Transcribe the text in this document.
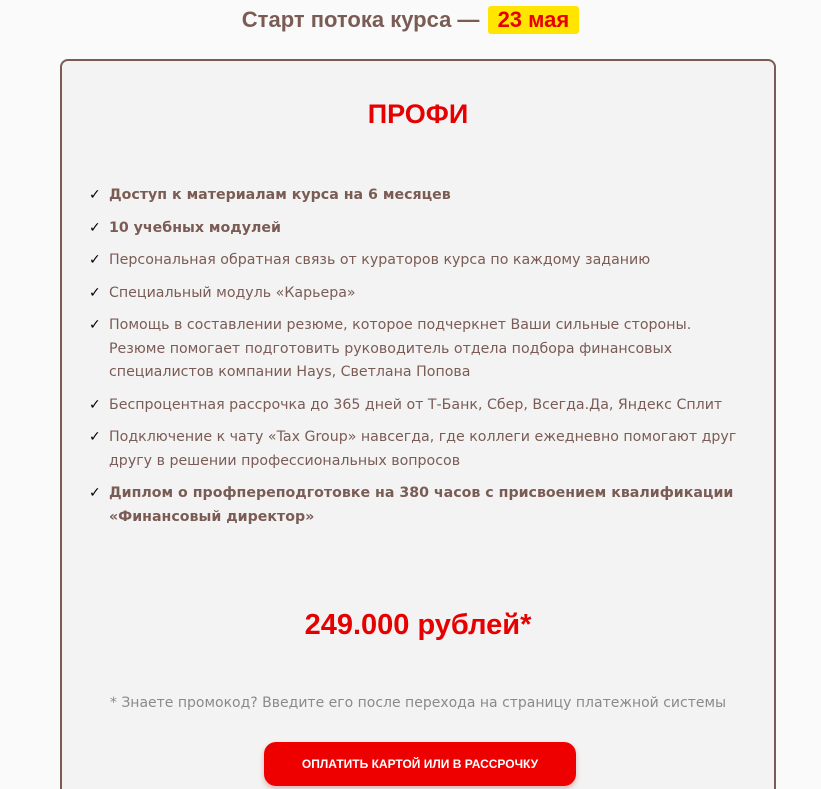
Старт потока курса — 23 мая
ПРОФИ
✓ Доступ к материалам курса на 6 месяцев
✓ 10 учебных модулей
✓ Персональная обратная связь от кураторов курса по каждому заданию
✓ Специальный модуль «Карьера»
✓ Помощь в составлении резюме, которое подчеркнет Ваши сильные стороны. Резюме помогает подготовить руководитель отдела подбора финансовых специалистов компании Hays, Светлана Попова
✓ Беспроцентная рассрочка до 365 дней от Т-Банк, Сбер, Всегда.Да, Яндекс Сплит
✓ Подключение к чату «Tax Group» навсегда, где коллеги ежедневно помогают друг другу в решении профессиональных вопросов
✓ Диплом о профпереподготовке на 380 часов с присвоением квалификации «Финансовый директор»
249.000 рублей*
* Знаете промокод? Введите его после перехода на страницу платежной системы
ОПЛАТИТЬ КАРТОЙ ИЛИ В РАССРОЧКУ
